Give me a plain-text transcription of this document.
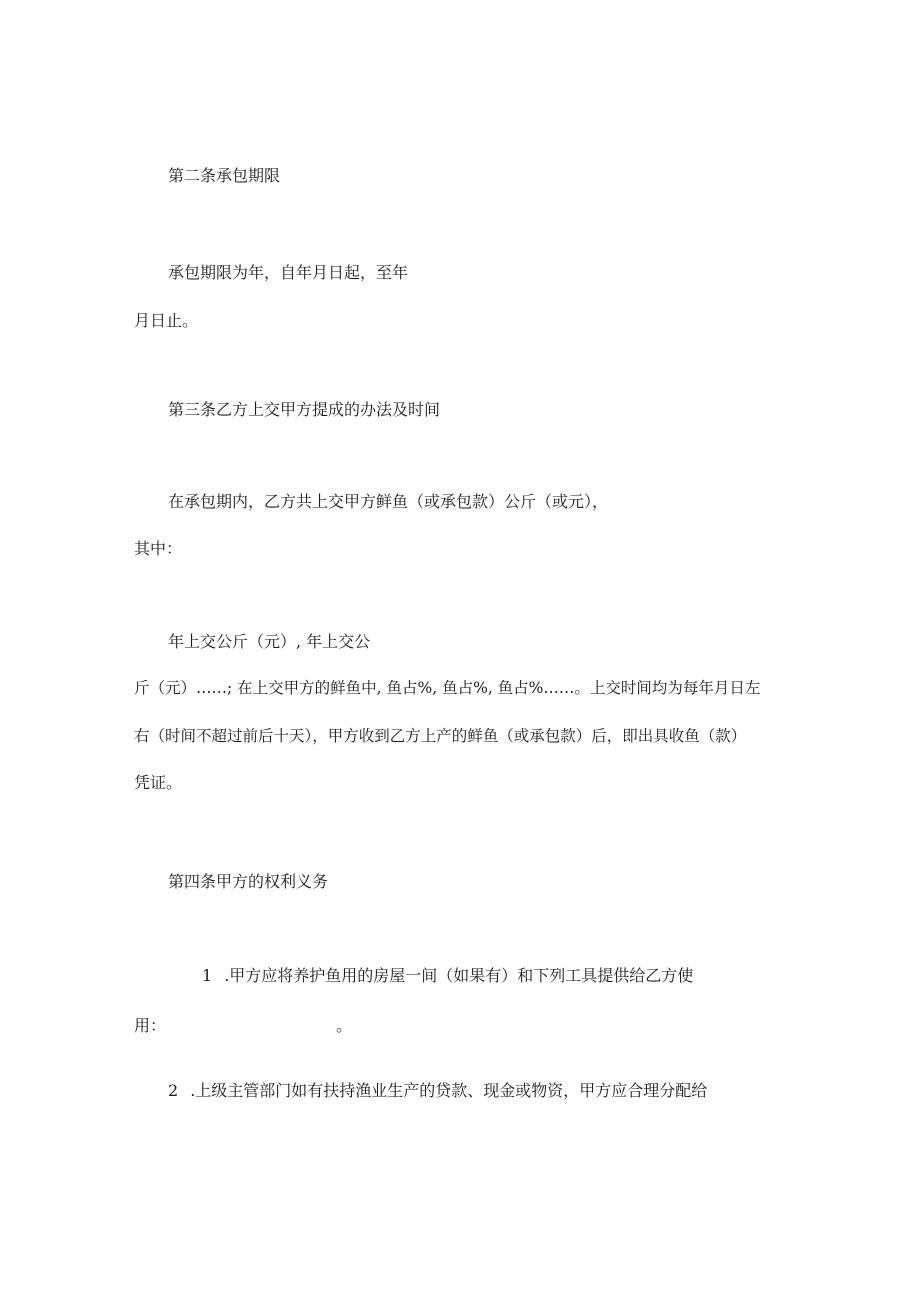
第二条承包期限
承包期限为年，自年月日起，至年
月日止。
第三条乙方上交甲方提成的办法及时间
在承包期内，乙方共上交甲方鲜鱼（或承包款）公斤（或元），
其中：
年上交公斤（元）, 年上交公
斤（元）……; 在上交甲方的鲜鱼中, 鱼占%, 鱼占%, 鱼占%……。上交时间均为每年月日左
右（时间不超过前后十天），甲方收到乙方上产的鲜鱼（或承包款）后，即出具收鱼（款）
凭证。
第四条甲方的权利义务
1 .甲方应将养护鱼用的房屋一间（如果有）和下列工具提供给乙方使
用：	。
2 .上级主管部门如有扶持渔业生产的贷款、现金或物资，甲方应合理分配给
